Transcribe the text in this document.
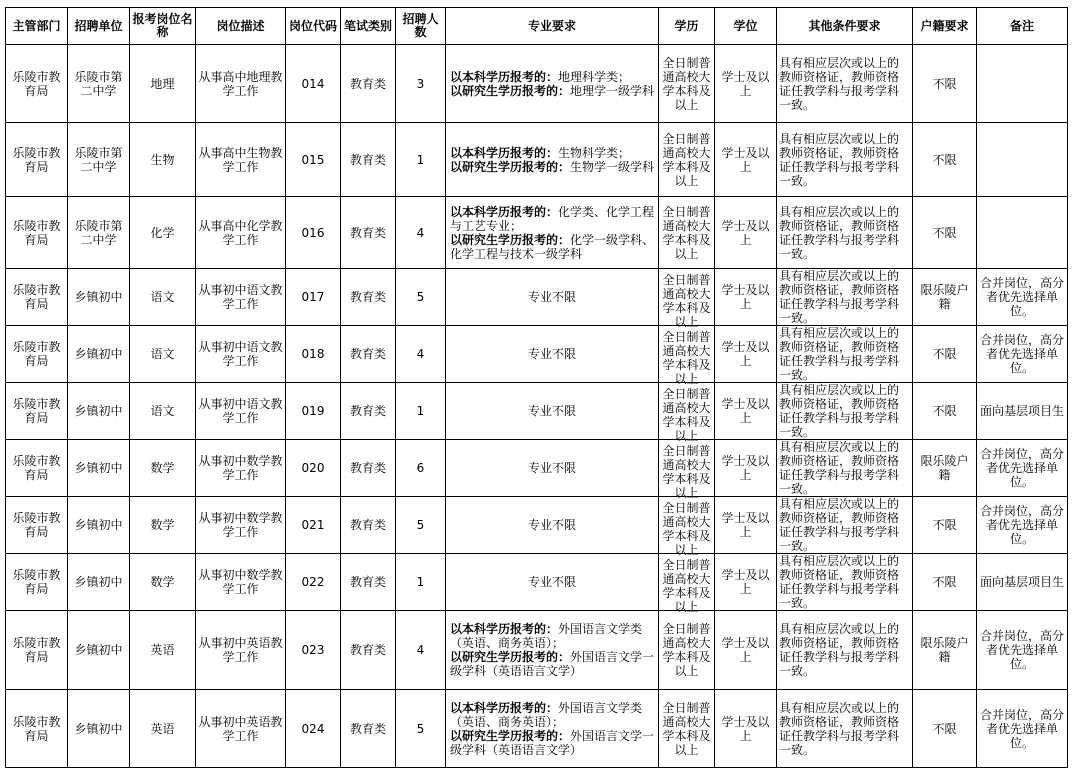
主管部门	招聘单位	报考岗位名称	岗位描述	岗位代码	笔试类别	招聘人数	专业要求	学历	学位	其他条件要求	户籍要求	备注
乐陵市教育局	乐陵市第二中学	地理	从事高中地理教学工作	014	教育类	3	以本科学历报考的：地理科学类；
以研究生学历报考的：地理学一级学科	全日制普通高校大学本科及以上	学士及以上	具有相应层次或以上的教师资格证，教师资格证任教学科与报考学科一致。	不限	
乐陵市教育局	乐陵市第二中学	生物	从事高中生物教学工作	015	教育类	1	以本科学历报考的：生物科学类；
以研究生学历报考的：生物学一级学科	全日制普通高校大学本科及以上	学士及以上	具有相应层次或以上的教师资格证，教师资格证任教学科与报考学科一致。	不限	
乐陵市教育局	乐陵市第二中学	化学	从事高中化学教学工作	016	教育类	4	以本科学历报考的：化学类、化学工程与工艺专业；
以研究生学历报考的：化学一级学科、化学工程与技术一级学科	全日制普通高校大学本科及以上	学士及以上	具有相应层次或以上的教师资格证，教师资格证任教学科与报考学科一致。	不限	
乐陵市教育局	乡镇初中	语文	从事初中语文教学工作	017	教育类	5	专业不限	全日制普通高校大学本科及以上	学士及以上	具有相应层次或以上的教师资格证，教师资格证任教学科与报考学科一致。	限乐陵户籍	合并岗位，高分者优先选择单位。
乐陵市教育局	乡镇初中	语文	从事初中语文教学工作	018	教育类	4	专业不限	全日制普通高校大学本科及以上	学士及以上	具有相应层次或以上的教师资格证，教师资格证任教学科与报考学科一致。	不限	合并岗位，高分者优先选择单位。
乐陵市教育局	乡镇初中	语文	从事初中语文教学工作	019	教育类	1	专业不限	全日制普通高校大学本科及以上	学士及以上	具有相应层次或以上的教师资格证，教师资格证任教学科与报考学科一致。	不限	面向基层项目生
乐陵市教育局	乡镇初中	数学	从事初中数学教学工作	020	教育类	6	专业不限	全日制普通高校大学本科及以上	学士及以上	具有相应层次或以上的教师资格证，教师资格证任教学科与报考学科一致。	限乐陵户籍	合并岗位，高分者优先选择单位。
乐陵市教育局	乡镇初中	数学	从事初中数学教学工作	021	教育类	5	专业不限	全日制普通高校大学本科及以上	学士及以上	具有相应层次或以上的教师资格证，教师资格证任教学科与报考学科一致。	不限	合并岗位，高分者优先选择单位。
乐陵市教育局	乡镇初中	数学	从事初中数学教学工作	022	教育类	1	专业不限	全日制普通高校大学本科及以上	学士及以上	具有相应层次或以上的教师资格证，教师资格证任教学科与报考学科一致。	不限	面向基层项目生
乐陵市教育局	乡镇初中	英语	从事初中英语教学工作	023	教育类	4	以本科学历报考的：外国语言文学类（英语、商务英语）；
以研究生学历报考的：外国语言文学一级学科（英语语言文学）	全日制普通高校大学本科及以上	学士及以上	具有相应层次或以上的教师资格证，教师资格证任教学科与报考学科一致。	限乐陵户籍	合并岗位，高分者优先选择单位。
乐陵市教育局	乡镇初中	英语	从事初中英语教学工作	024	教育类	5	以本科学历报考的：外国语言文学类（英语、商务英语）；
以研究生学历报考的：外国语言文学一级学科（英语语言文学）	全日制普通高校大学本科及以上	学士及以上	具有相应层次或以上的教师资格证，教师资格证任教学科与报考学科一致。	不限	合并岗位，高分者优先选择单位。
